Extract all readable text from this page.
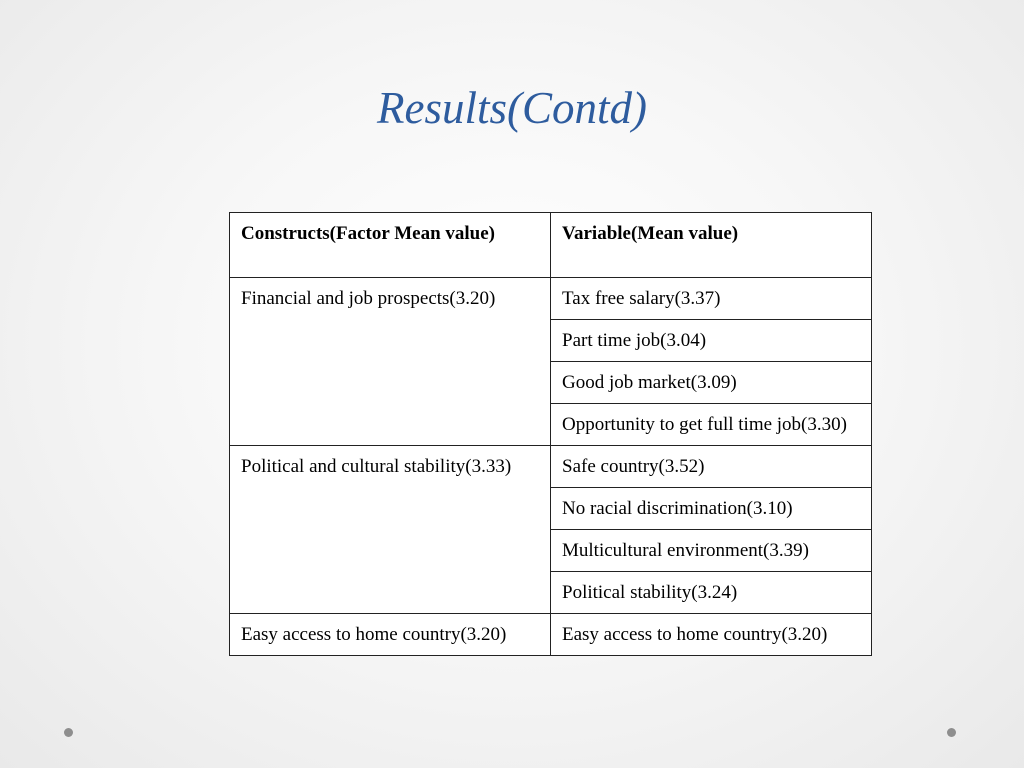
Results(Contd)
Constructs(Factor Mean value)	Variable(Mean value)
Financial and job prospects(3.20)	Tax free salary(3.37)
	Part time job(3.04)
	Good job market(3.09)
	Opportunity to get full time job(3.30)
Political and cultural stability(3.33)	Safe country(3.52)
	No racial discrimination(3.10)
	Multicultural environment(3.39)
	Political stability(3.24)
Easy access to home country(3.20)	Easy access to home country(3.20)
